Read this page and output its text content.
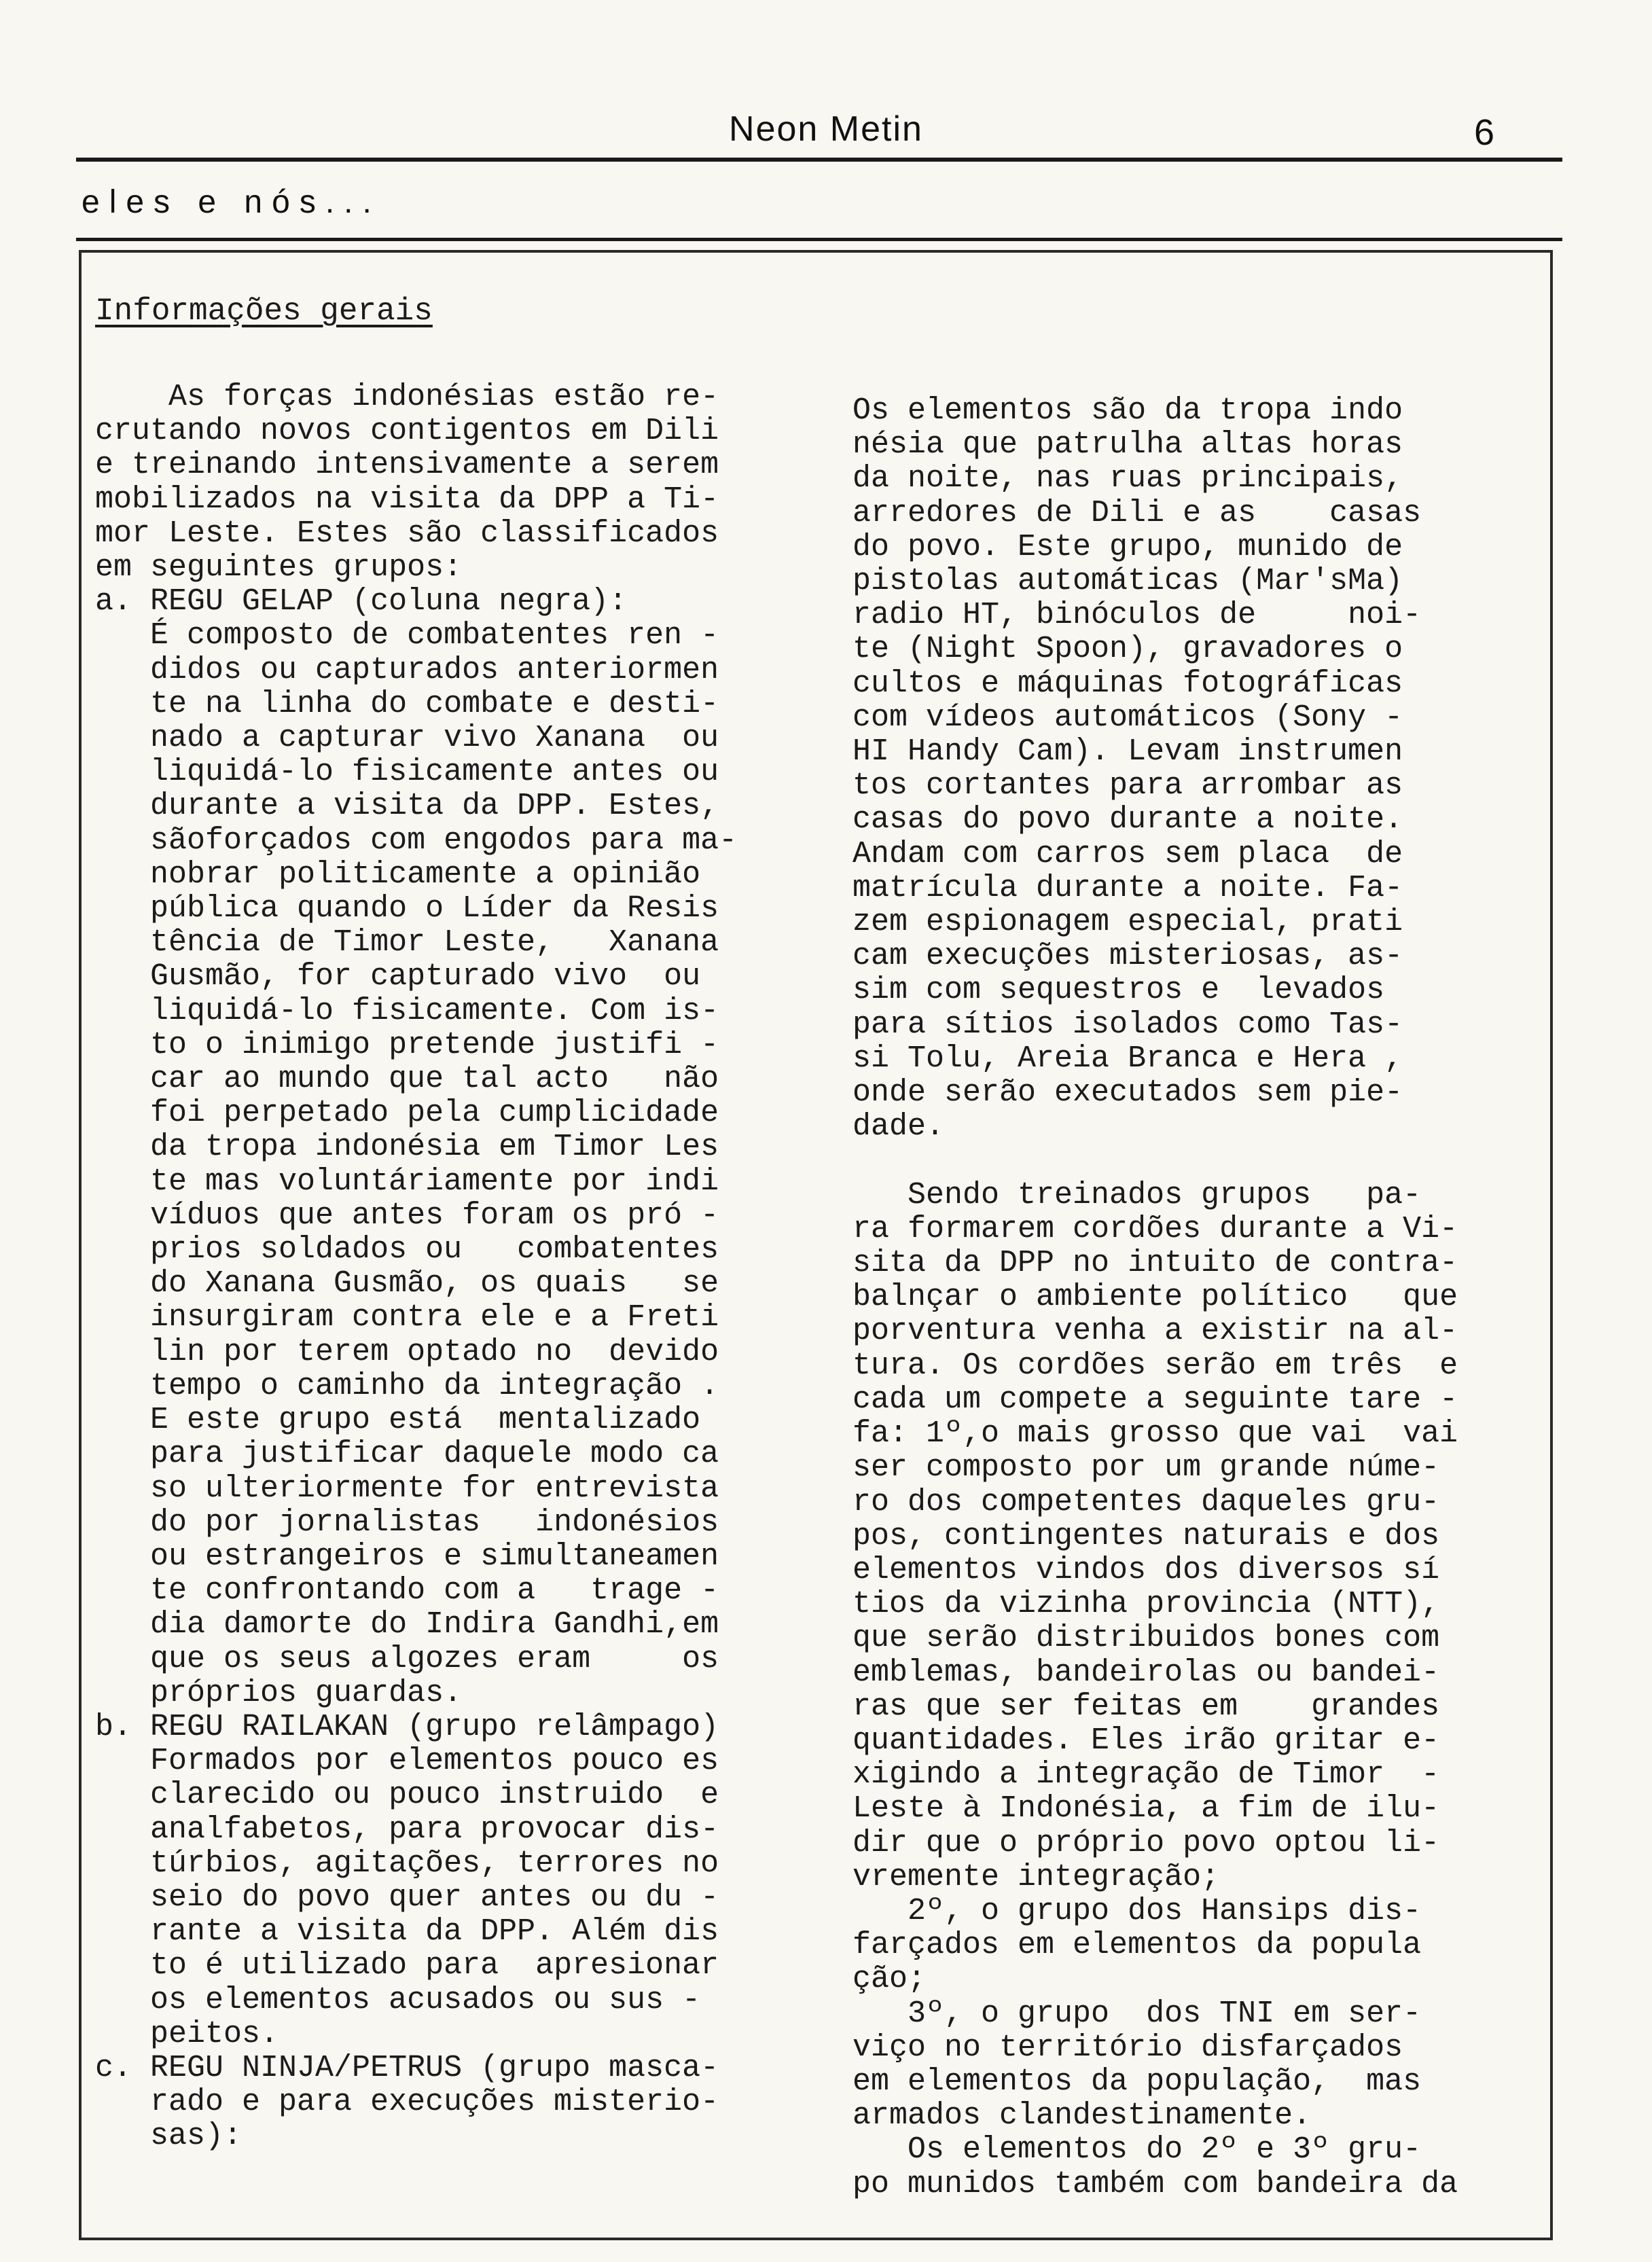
Neon Metin	6
eles e nós...
Informações gerais
As forças indonésias estão re-
crutando novos contigentos em Dili
e treinando intensivamente a serem
mobilizados na visita da DPP a Ti-
mor Leste. Estes são classificados
em seguintes grupos:
a. REGU GELAP (coluna negra):
É composto de combatentes ren -
didos ou capturados anteriormen
te na linha do combate e desti-
nado a capturar vivo Xanana  ou
liquidá-lo fisicamente antes ou
durante a visita da DPP. Estes,
sãoforçados com engodos para ma-
nobrar politicamente a opinião
pública quando o Líder da Resis
tência de Timor Leste,   Xanana
Gusmão, for capturado vivo  ou
liquidá-lo fisicamente. Com is-
to o inimigo pretende justifi -
car ao mundo que tal acto   não
foi perpetado pela cumplicidade
da tropa indonésia em Timor Les
te mas voluntáriamente por indi
víduos que antes foram os pró -
prios soldados ou   combatentes
do Xanana Gusmão, os quais   se
insurgiram contra ele e a Freti
lin por terem optado no  devido
tempo o caminho da integração .
E este grupo está  mentalizado
para justificar daquele modo ca
so ulteriormente for entrevista
do por jornalistas   indonésios
ou estrangeiros e simultaneamen
te confrontando com a   trage -
dia damorte do Indira Gandhi,em
que os seus algozes eram     os
próprios guardas.
b. REGU RAILAKAN (grupo relâmpago)
Formados por elementos pouco es
clarecido ou pouco instruido  e
analfabetos, para provocar dis-
túrbios, agitações, terrores no
seio do povo quer antes ou du -
rante a visita da DPP. Além dis
to é utilizado para  apresionar
os elementos acusados ou sus -
peitos.
c. REGU NINJA/PETRUS (grupo masca-
rado e para execuções misterio-
sas):
Os elementos são da tropa indo
nésia que patrulha altas horas
da noite, nas ruas principais,
arredores de Dili e as    casas
do povo. Este grupo, munido de
pistolas automáticas (Mar'sMa)
radio HT, binóculos de     noi-
te (Night Spoon), gravadores o
cultos e máquinas fotográficas
com vídeos automáticos (Sony -
HI Handy Cam). Levam instrumen
tos cortantes para arrombar as
casas do povo durante a noite.
Andam com carros sem placa  de
matrícula durante a noite. Fa-
zem espionagem especial, prati
cam execuções misteriosas, as-
sim com sequestros e  levados
para sítios isolados como Tas-
si Tolu, Areia Branca e Hera ,
onde serão executados sem pie-
dade.

Sendo treinados grupos   pa-
ra formarem cordões durante a Vi-
sita da DPP no intuito de contra-
balnçar o ambiente político   que
porventura venha a existir na al-
tura. Os cordões serão em três  e
cada um compete a seguinte tare -
fa: 1º,o mais grosso que vai  vai
ser composto por um grande núme-
ro dos competentes daqueles gru-
pos, contingentes naturais e dos
elementos vindos dos diversos sí
tios da vizinha provincia (NTT),
que serão distribuidos bones com
emblemas, bandeirolas ou bandei-
ras que ser feitas em    grandes
quantidades. Eles irão gritar e-
xigindo a integração de Timor  -
Leste à Indonésia, a fim de ilu-
dir que o próprio povo optou li-
vremente integração;
2º, o grupo dos Hansips dis-
farçados em elementos da popula
ção;
3º, o grupo  dos TNI em ser-
viço no território disfarçados
em elementos da população,  mas
armados clandestinamente.
Os elementos do 2º e 3º gru-
po munidos também com bandeira da
